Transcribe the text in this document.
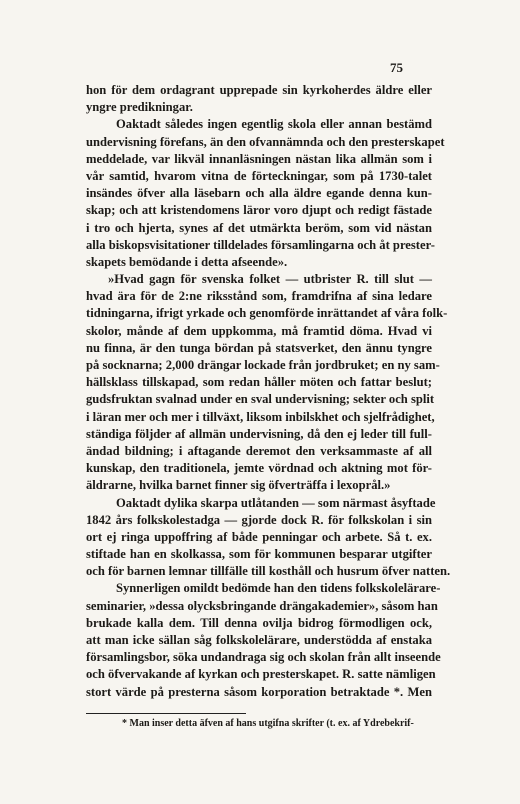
75
hon för dem ordagrant upprepade sin kyrkoherdes äldre eller
yngre predikningar.
Oaktadt således ingen egentlig skola eller annan bestämd
undervisning förefans, än den ofvannämnda och den presterskapet
meddelade, var likväl innanläsningen nästan lika allmän som i
vår samtid, hvarom vitna de förteckningar, som på 1730-talet
insändes öfver alla läsebarn och alla äldre egande denna kun-
skap; och att kristendomens läror voro djupt och redigt fästade
i tro och hjerta, synes af det utmärkta beröm, som vid nästan
alla biskopsvisitationer tilldelades församlingarna och åt prester-
skapets bemödande i detta afseende».
»Hvad gagn för svenska folket — utbrister R. till slut —
hvad ära för de 2:ne riksstånd som, framdrifna af sina ledare
tidningarna, ifrigt yrkade och genomförde inrättandet af våra folk-
skolor, månde af dem uppkomma, må framtid döma. Hvad vi
nu finna, är den tunga bördan på statsverket, den ännu tyngre
på socknarna; 2,000 drängar lockade från jordbruket; en ny sam-
hällsklass tillskapad, som redan håller möten och fattar beslut;
gudsfruktan svalnad under en sval undervisning; sekter och split
i läran mer och mer i tillväxt, liksom inbilskhet och sjelfrådighet,
ständiga följder af allmän undervisning, då den ej leder till full-
ändad bildning; i aftagande deremot den verksammaste af all
kunskap, den traditionela, jemte vördnad och aktning mot för-
äldrarne, hvilka barnet finner sig öfverträffa i lexoprål.»
Oaktadt dylika skarpa utlåtanden — som närmast åsyftade
1842 års folkskolestadga — gjorde dock R. för folkskolan i sin
ort ej ringa uppoffring af både penningar och arbete. Så t. ex.
stiftade han en skolkassa, som för kommunen besparar utgifter
och för barnen lemnar tillfälle till kosthåll och husrum öfver natten.
Synnerligen omildt bedömde han den tidens folkskolelärare-
seminarier, »dessa olycksbringande drängakademier», såsom han
brukade kalla dem. Till denna ovilja bidrog förmodligen ock,
att man icke sällan såg folkskolelärare, understödda af enstaka
församlingsbor, söka undandraga sig och skolan från allt inseende
och öfvervakande af kyrkan och presterskapet. R. satte nämligen
stort värde på presterna såsom korporation betraktade *. Men
* Man inser detta äfven af hans utgifna skrifter (t. ex. af Ydrebekrif-
